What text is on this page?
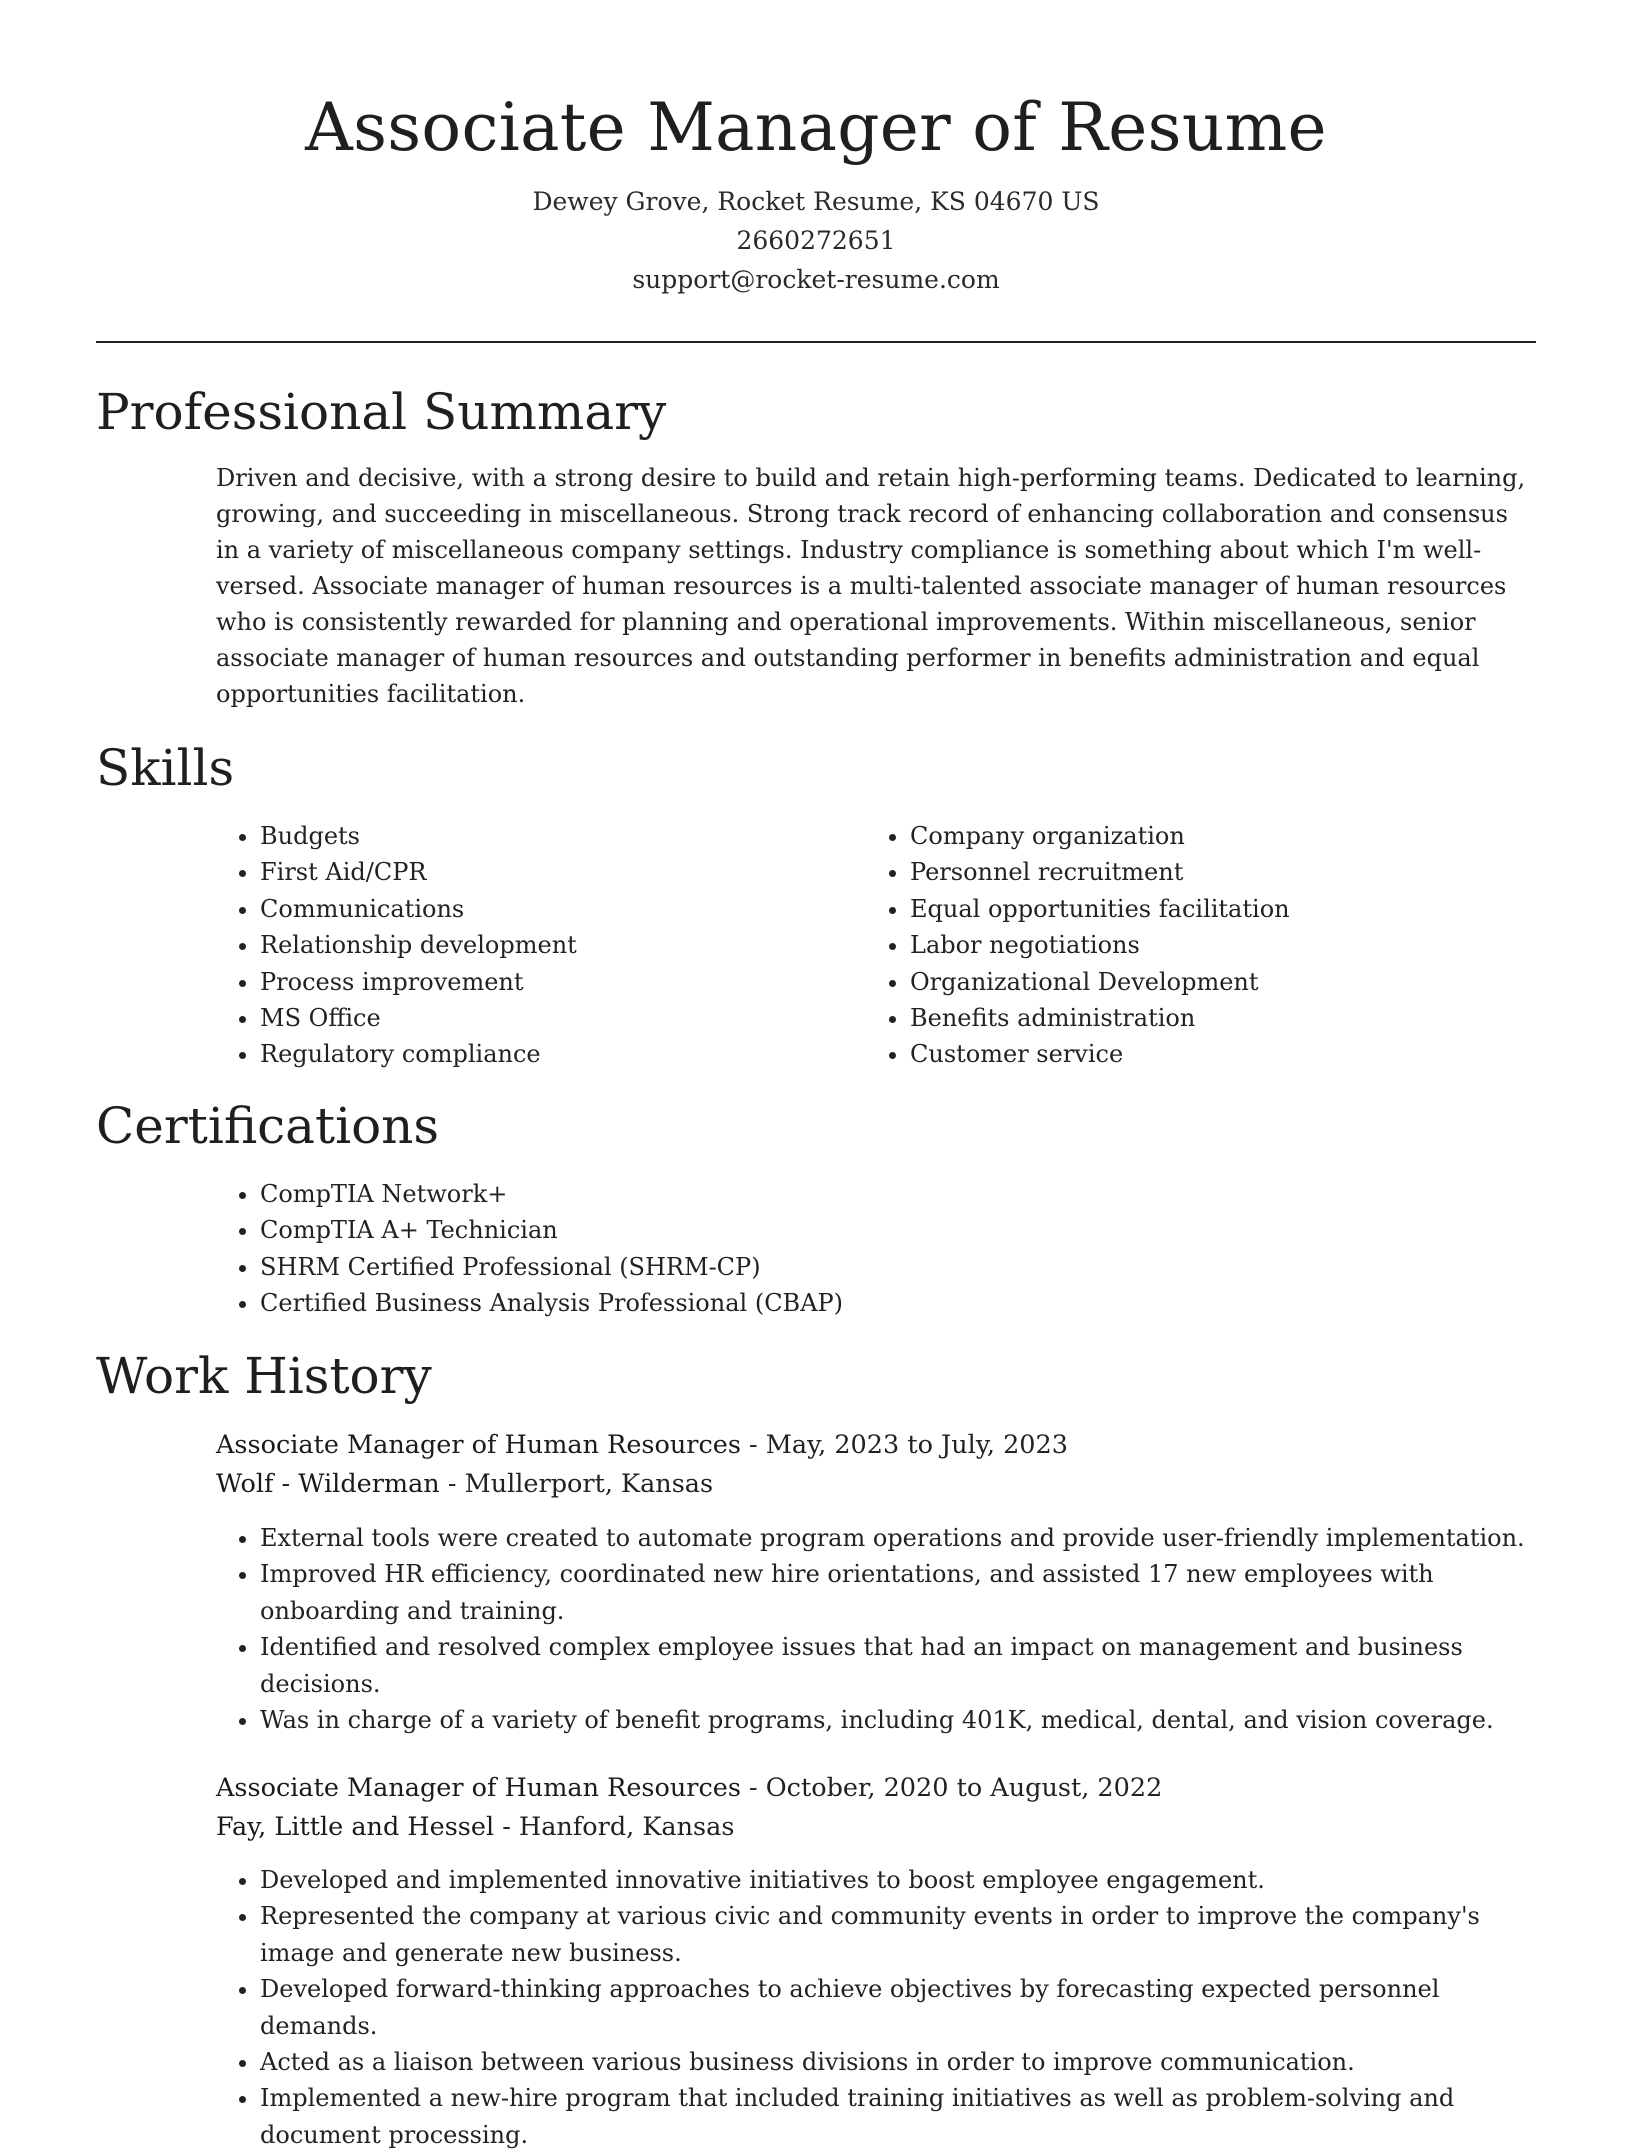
Associate Manager of Resume
Dewey Grove, Rocket Resume, KS 04670 US
2660272651
support@rocket-resume.com
Professional Summary

Driven and decisive, with a strong desire to build and retain high-performing teams. Dedicated to learning, growing, and succeeding in miscellaneous. Strong track record of enhancing collaboration and consensus in a variety of miscellaneous company settings. Industry compliance is something about which I'm well-versed. Associate manager of human resources is a multi-talented associate manager of human resources who is consistently rewarded for planning and operational improvements. Within miscellaneous, senior associate manager of human resources and outstanding performer in benefits administration and equal opportunities facilitation.

Skills
• Budgets
• First Aid/CPR
• Communications
• Relationship development
• Process improvement
• MS Office
• Regulatory compliance
• Company organization
• Personnel recruitment
• Equal opportunities facilitation
• Labor negotiations
• Organizational Development
• Benefits administration
• Customer service
Certifications
• CompTIA Network+
• CompTIA A+ Technician
• SHRM Certified Professional (SHRM-CP)
• Certified Business Analysis Professional (CBAP)
Work History
Associate Manager of Human Resources - May, 2023 to July, 2023
Wolf - Wilderman - Mullerport, Kansas
• External tools were created to automate program operations and provide user-friendly implementation.
• Improved HR efficiency, coordinated new hire orientations, and assisted 17 new employees with onboarding and training.
• Identified and resolved complex employee issues that had an impact on management and business decisions.
• Was in charge of a variety of benefit programs, including 401K, medical, dental, and vision coverage.
Associate Manager of Human Resources - October, 2020 to August, 2022
Fay, Little and Hessel - Hanford, Kansas
• Developed and implemented innovative initiatives to boost employee engagement.
• Represented the company at various civic and community events in order to improve the company's image and generate new business.
• Developed forward-thinking approaches to achieve objectives by forecasting expected personnel demands.
• Acted as a liaison between various business divisions in order to improve communication.
• Implemented a new-hire program that included training initiatives as well as problem-solving and document processing.
